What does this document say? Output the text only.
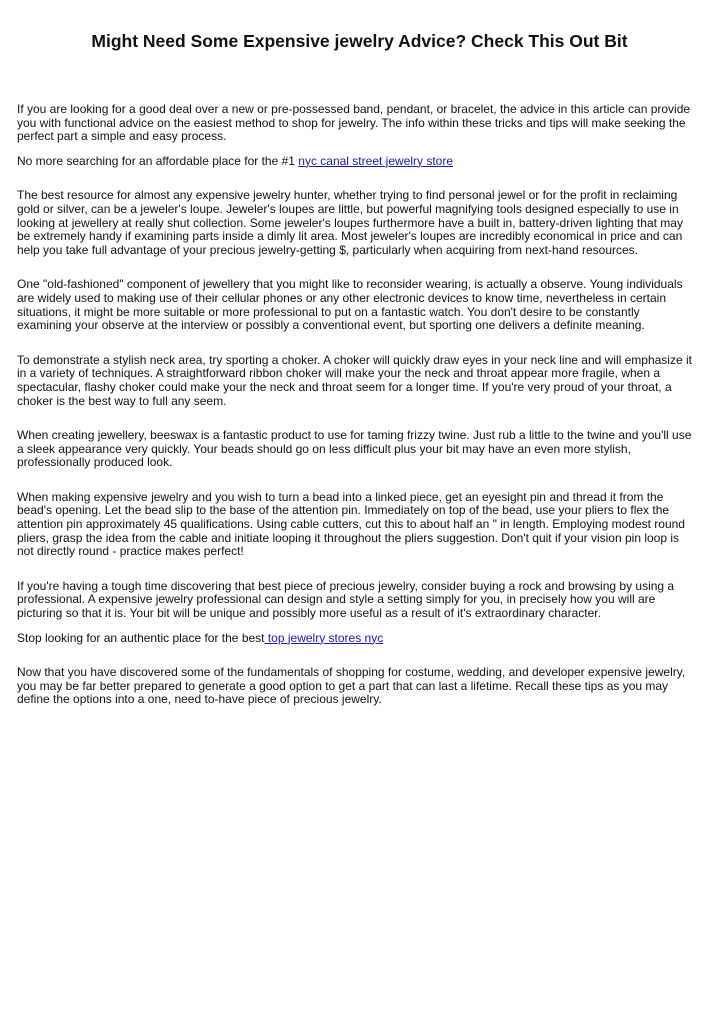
Might Need Some Expensive jewelry Advice? Check This Out Bit

If you are looking for a good deal over a new or pre-possessed band, pendant, or bracelet, the advice in this article can provide
you with functional advice on the easiest method to shop for jewelry. The info within these tricks and tips will make seeking the
perfect part a simple and easy process.

No more searching for an affordable place for the #1 nyc canal street jewelry store

The best resource for almost any expensive jewelry hunter, whether trying to find personal jewel or for the profit in reclaiming
gold or silver, can be a jeweler's loupe. Jeweler's loupes are little, but powerful magnifying tools designed especially to use in
looking at jewellery at really shut collection. Some jeweler's loupes furthermore have a built in, battery-driven lighting that may
be extremely handy if examining parts inside a dimly lit area. Most jeweler's loupes are incredibly economical in price and can
help you take full advantage of your precious jewelry-getting $, particularly when acquiring from next-hand resources.

One "old-fashioned" component of jewellery that you might like to reconsider wearing, is actually a observe. Young individuals
are widely used to making use of their cellular phones or any other electronic devices to know time, nevertheless in certain
situations, it might be more suitable or more professional to put on a fantastic watch. You don't desire to be constantly
examining your observe at the interview or possibly a conventional event, but sporting one delivers a definite meaning.

To demonstrate a stylish neck area, try sporting a choker. A choker will quickly draw eyes in your neck line and will emphasize it
in a variety of techniques. A straightforward ribbon choker will make your the neck and throat appear more fragile, when a
spectacular, flashy choker could make your the neck and throat seem for a longer time. If you're very proud of your throat, a
choker is the best way to full any seem.

When creating jewellery, beeswax is a fantastic product to use for taming frizzy twine. Just rub a little to the twine and you'll use
a sleek appearance very quickly. Your beads should go on less difficult plus your bit may have an even more stylish,
professionally produced look.

When making expensive jewelry and you wish to turn a bead into a linked piece, get an eyesight pin and thread it from the
bead's opening. Let the bead slip to the base of the attention pin. Immediately on top of the bead, use your pliers to flex the
attention pin approximately 45 qualifications. Using cable cutters, cut this to about half an " in length. Employing modest round
pliers, grasp the idea from the cable and initiate looping it throughout the pliers suggestion. Don't quit if your vision pin loop is
not directly round - practice makes perfect!

If you're having a tough time discovering that best piece of precious jewelry, consider buying a rock and browsing by using a
professional. A expensive jewelry professional can design and style a setting simply for you, in precisely how you will are
picturing so that it is. Your bit will be unique and possibly more useful as a result of it's extraordinary character.

Stop looking for an authentic place for the best top jewelry stores nyc

Now that you have discovered some of the fundamentals of shopping for costume, wedding, and developer expensive jewelry,
you may be far better prepared to generate a good option to get a part that can last a lifetime. Recall these tips as you may
define the options into a one, need to-have piece of precious jewelry.
